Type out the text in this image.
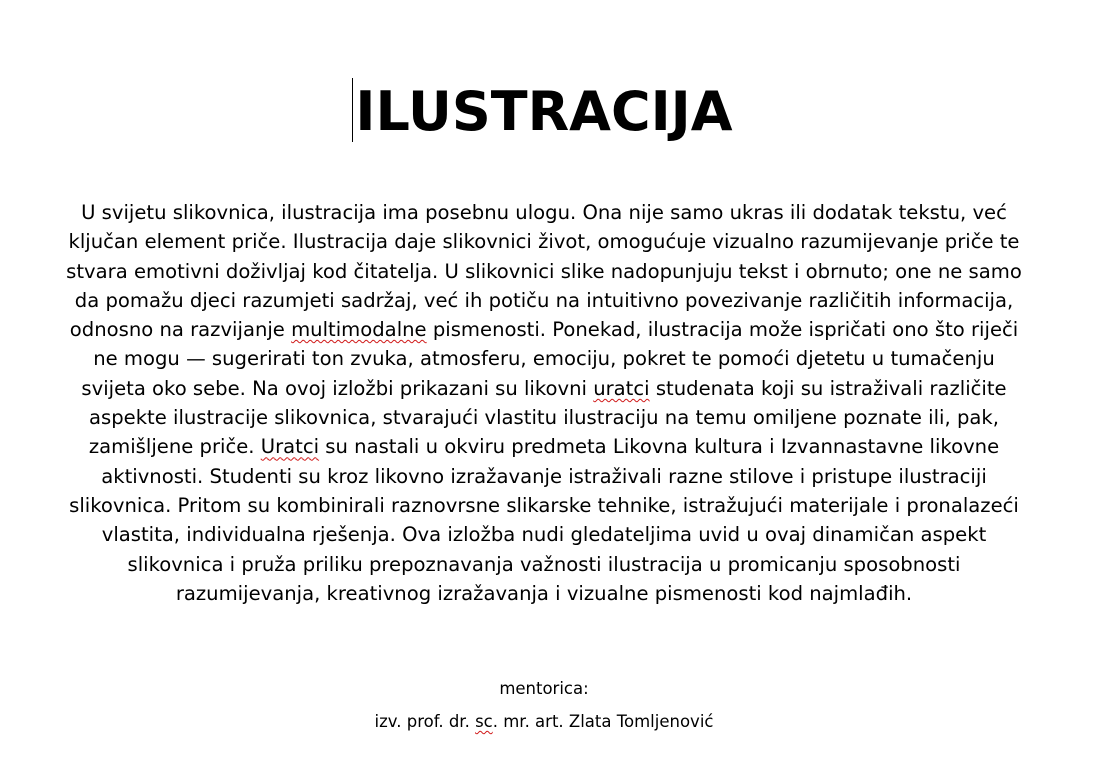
ILUSTRACIJA

U svijetu slikovnica, ilustracija ima posebnu ulogu. Ona nije samo ukras ili dodatak tekstu, već
ključan element priče. Ilustracija daje slikovnici život, omogućuje vizualno razumijevanje priče te
stvara emotivni doživljaj kod čitatelja. U slikovnici slike nadopunjuju tekst i obrnuto; one ne samo
da pomažu djeci razumjeti sadržaj, već ih potiču na intuitivno povezivanje različitih informacija,
odnosno na razvijanje multimodalne pismenosti. Ponekad, ilustracija može ispričati ono što riječi
ne mogu — sugerirati ton zvuka, atmosferu, emociju, pokret te pomoći djetetu u tumačenju
svijeta oko sebe. Na ovoj izložbi prikazani su likovni uratci studenata koji su istraživali različite
aspekte ilustracije slikovnica, stvarajući vlastitu ilustraciju na temu omiljene poznate ili, pak,
zamišljene priče. Uratci su nastali u okviru predmeta Likovna kultura i Izvannastavne likovne
aktivnosti. Studenti su kroz likovno izražavanje istraživali razne stilove i pristupe ilustraciji
slikovnica. Pritom su kombinirali raznovrsne slikarske tehnike, istražujući materijale i pronalazeći
vlastita, individualna rješenja. Ova izložba nudi gledateljima uvid u ovaj dinamičan aspekt
slikovnica i pruža priliku prepoznavanja važnosti ilustracija u promicanju sposobnosti
razumijevanja, kreativnog izražavanja i vizualne pismenosti kod najmlađih.

mentorica:

izv. prof. dr. sc. mr. art. Zlata Tomljenović
